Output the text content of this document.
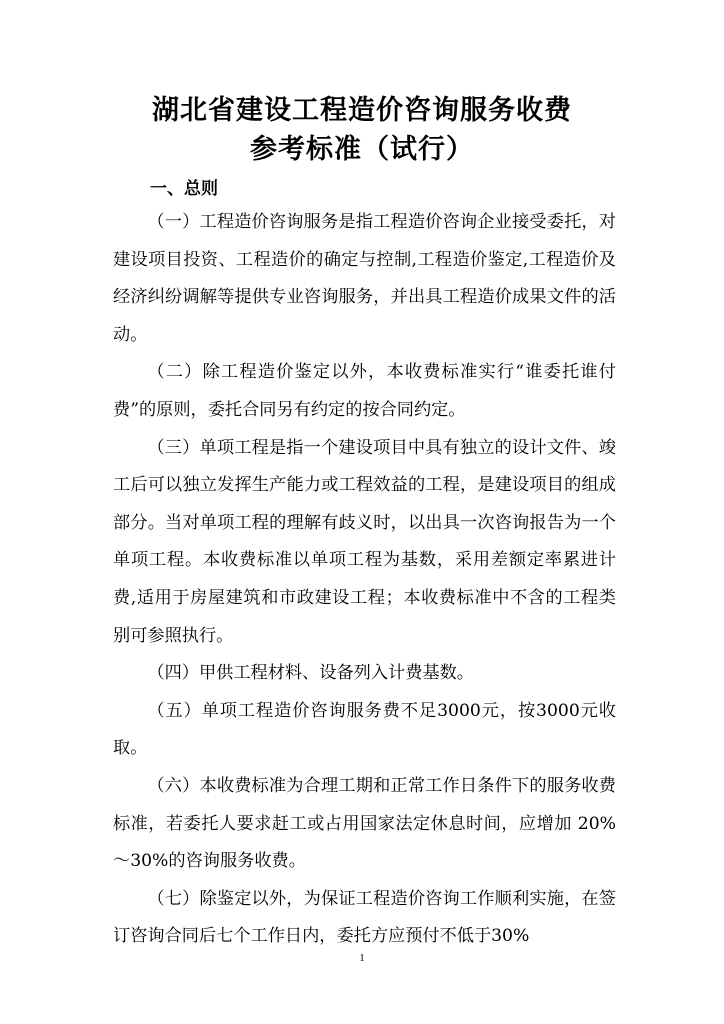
湖北省建设工程造价咨询服务收费
参考标准（试行）
一、总则

（一）工程造价咨询服务是指工程造价咨询企业接受委托，对建设项目投资、工程造价的确定与控制,工程造价鉴定,工程造价及经济纠纷调解等提供专业咨询服务，并出具工程造价成果文件的活动。

（二）除工程造价鉴定以外，本收费标准实行“谁委托谁付费”的原则，委托合同另有约定的按合同约定。

（三）单项工程是指一个建设项目中具有独立的设计文件、竣工后可以独立发挥生产能力或工程效益的工程，是建设项目的组成部分。当对单项工程的理解有歧义时，以出具一次咨询报告为一个单项工程。本收费标准以单项工程为基数，采用差额定率累进计费,适用于房屋建筑和市政建设工程；本收费标准中不含的工程类别可参照执行。

（四）甲供工程材料、设备列入计费基数。

（五）单项工程造价咨询服务费不足3000元，按3000元收取。

（六）本收费标准为合理工期和正常工作日条件下的服务收费标准，若委托人要求赶工或占用国家法定休息时间，应增加 20%～30%的咨询服务收费。

（七）除鉴定以外，为保证工程造价咨询工作顺利实施，在签订咨询合同后七个工作日内，委托方应预付不低于30%

1
